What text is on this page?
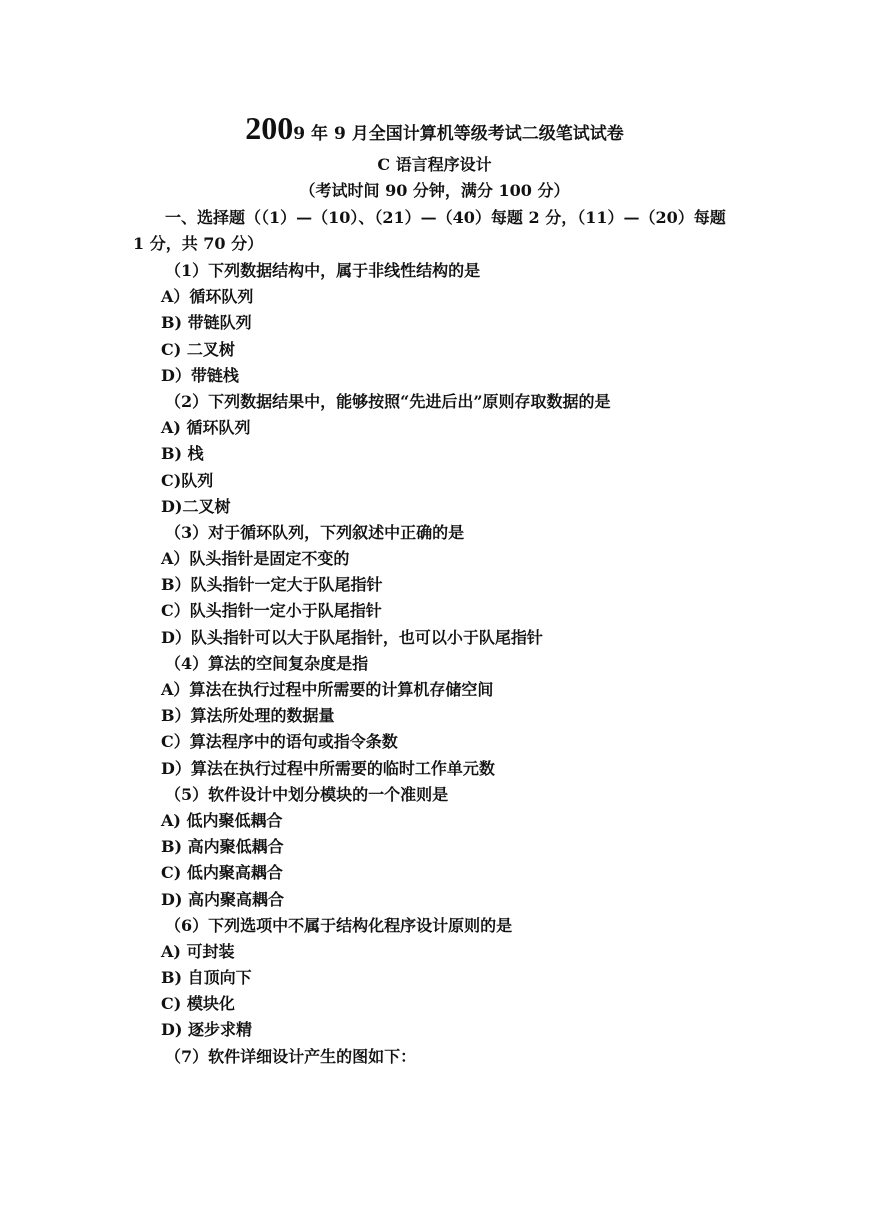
2009 年 9 月全国计算机等级考试二级笔试试卷
C 语言程序设计
（考试时间 90 分钟，满分 100 分）
一、选择题（（1）—（10）、（21）—（40）每题 2 分，（11）—（20）每题 1 分，共 70 分）
（1）下列数据结构中，属于非线性结构的是
A）循环队列
B) 带链队列
C) 二叉树
D）带链栈
（2）下列数据结果中，能够按照“先进后出”原则存取数据的是
A) 循环队列
B) 栈
C)队列
D)二叉树
（3）对于循环队列，下列叙述中正确的是
A）队头指针是固定不变的
B）队头指针一定大于队尾指针
C）队头指针一定小于队尾指针
D）队头指针可以大于队尾指针，也可以小于队尾指针
（4）算法的空间复杂度是指
A）算法在执行过程中所需要的计算机存储空间
B）算法所处理的数据量
C）算法程序中的语句或指令条数
D）算法在执行过程中所需要的临时工作单元数
（5）软件设计中划分模块的一个准则是
A) 低内聚低耦合
B) 高内聚低耦合
C) 低内聚高耦合
D) 高内聚高耦合
（6）下列选项中不属于结构化程序设计原则的是
A) 可封装
B) 自顶向下
C) 模块化
D) 逐步求精
（7）软件详细设计产生的图如下：
